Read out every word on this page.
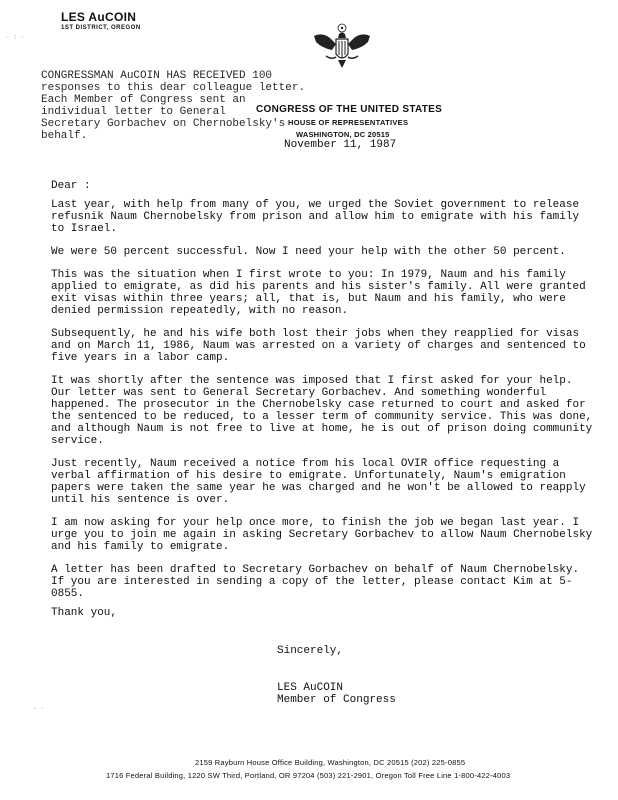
LES AuCOIN
1ST DISTRICT, OREGON
CONGRESSMAN AuCOIN HAS RECEIVED 100
responses to this dear colleague letter.
Each Member of Congress sent an
individual letter to General
Secretary Gorbachev on Chernobelsky's
behalf.
CONGRESS OF THE UNITED STATES
HOUSE OF REPRESENTATIVES
WASHINGTON, DC 20515
November 11, 1987
Dear :

Last year, with help from many of you, we urged the Soviet government to release refusnik Naum Chernobelsky from prison and allow him to emigrate with his family to Israel.

We were 50 percent successful. Now I need your help with the other 50 percent.

This was the situation when I first wrote to you: In 1979, Naum and his family applied to emigrate, as did his parents and his sister's family. All were granted exit visas within three years; all, that is, but Naum and his family, who were denied permission repeatedly, with no reason.

Subsequently, he and his wife both lost their jobs when they reapplied for visas and on March 11, 1986, Naum was arrested on a variety of charges and sentenced to five years in a labor camp.

It was shortly after the sentence was imposed that I first asked for your help. Our letter was sent to General Secretary Gorbachev. And something wonderful happened. The prosecutor in the Chernobelsky case returned to court and asked for the sentenced to be reduced, to a lesser term of community service. This was done, and although Naum is not free to live at home, he is out of prison doing community service.

Just recently, Naum received a notice from his local OVIR office requesting a verbal affirmation of his desire to emigrate. Unfortunately, Naum's emigration papers were taken the same year he was charged and he won't be allowed to reapply until his sentence is over.

I am now asking for your help once more, to finish the job we began last year. I urge you to join me again in asking Secretary Gorbachev to allow Naum Chernobelsky and his family to emigrate.

A letter has been drafted to Secretary Gorbachev on behalf of Naum Chernobelsky. If you are interested in sending a copy of the letter, please contact Kim at 5-0855.

Thank you,
Sincerely,
LES AuCOIN
Member of Congress
2159 Rayburn House Office Building, Washington, DC 20515 (202) 225-0855
1716 Federal Building, 1220 SW Third, Portland, OR 97204 (503) 221-2901, Oregon Toll Free Line 1-800-422-4003
· : ·
- ·
